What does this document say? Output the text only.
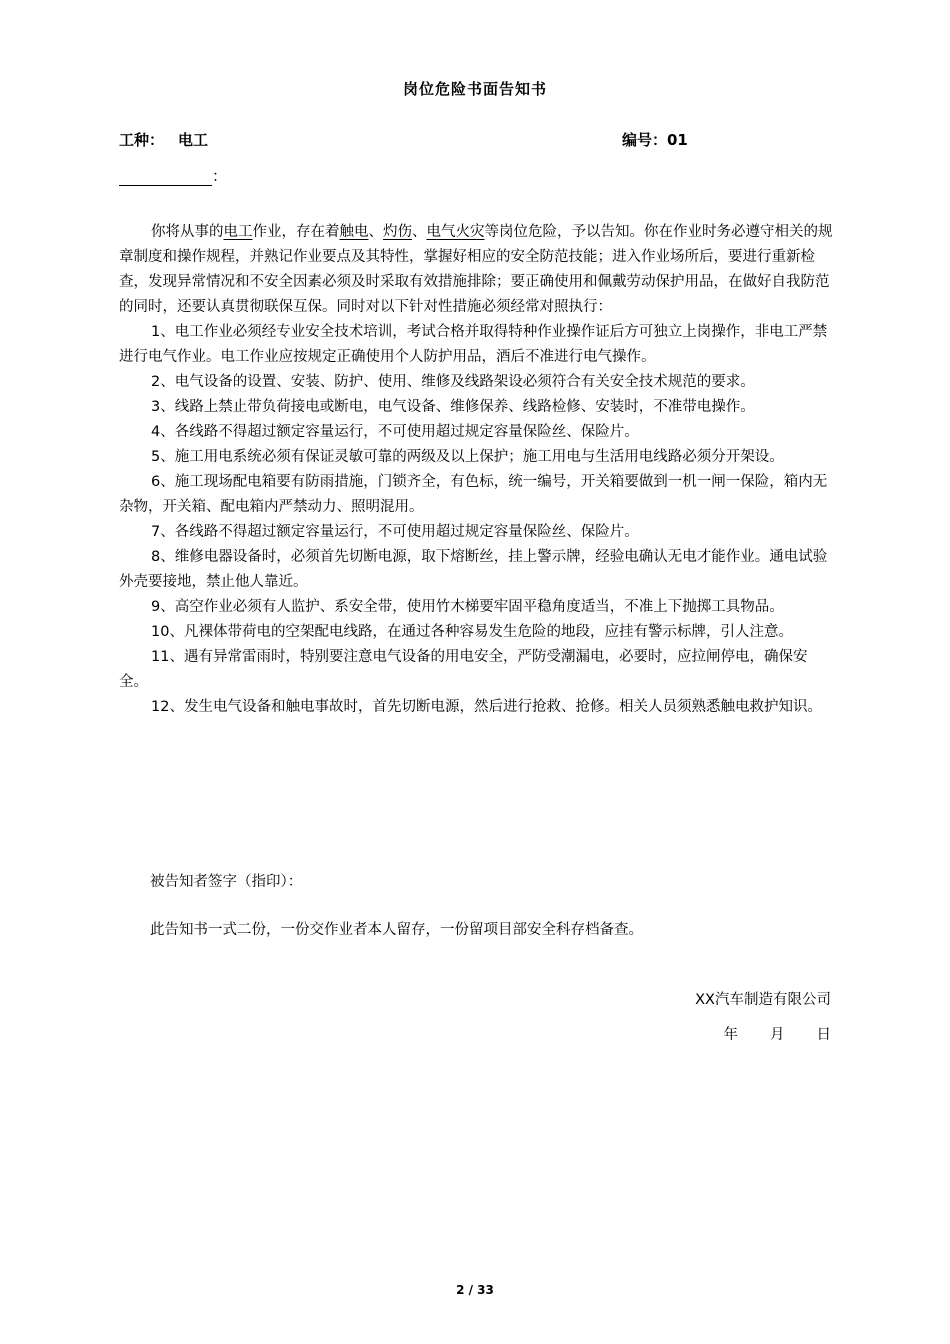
岗位危险书面告知书
工种： 电工	编号：01
：

你将从事的电工作业，存在着触电、灼伤、电气火灾等岗位危险，予以告知。你在作业时务必遵守相关的规章制度和操作规程，并熟记作业要点及其特性，掌握好相应的安全防范技能；进入作业场所后，要进行重新检查，发现异常情况和不安全因素必须及时采取有效措施排除；要正确使用和佩戴劳动保护用品，在做好自我防范的同时，还要认真贯彻联保互保。同时对以下针对性措施必须经常对照执行：

1、电工作业必须经专业安全技术培训，考试合格并取得特种作业操作证后方可独立上岗操作，非电工严禁进行电气作业。电工作业应按规定正确使用个人防护用品，酒后不准进行电气操作。

2、电气设备的设置、安装、防护、使用、维修及线路架设必须符合有关安全技术规范的要求。

3、线路上禁止带负荷接电或断电，电气设备、维修保养、线路检修、安装时，不准带电操作。

4、各线路不得超过额定容量运行，不可使用超过规定容量保险丝、保险片。

5、施工用电系统必须有保证灵敏可靠的两级及以上保护；施工用电与生活用电线路必须分开架设。

6、施工现场配电箱要有防雨措施，门锁齐全，有色标，统一编号，开关箱要做到一机一闸一保险，箱内无杂物，开关箱、配电箱内严禁动力、照明混用。

7、各线路不得超过额定容量运行，不可使用超过规定容量保险丝、保险片。

8、维修电器设备时，必须首先切断电源，取下熔断丝，挂上警示牌，经验电确认无电才能作业。通电试验外壳要接地，禁止他人靠近。

9、高空作业必须有人监护、系安全带，使用竹木梯要牢固平稳角度适当，不准上下抛掷工具物品。

10、凡裸体带荷电的空架配电线路，在通过各种容易发生危险的地段，应挂有警示标牌，引人注意。

11、遇有异常雷雨时，特别要注意电气设备的用电安全，严防受潮漏电，必要时，应拉闸停电，确保安全。

12、发生电气设备和触电事故时，首先切断电源，然后进行抢救、抢修。相关人员须熟悉触电救护知识。

被告知者签字（指印）：
此告知书一式二份，一份交作业者本人留存，一份留项目部安全科存档备查。
XX汽车制造有限公司
年 月 日
2 / 33
